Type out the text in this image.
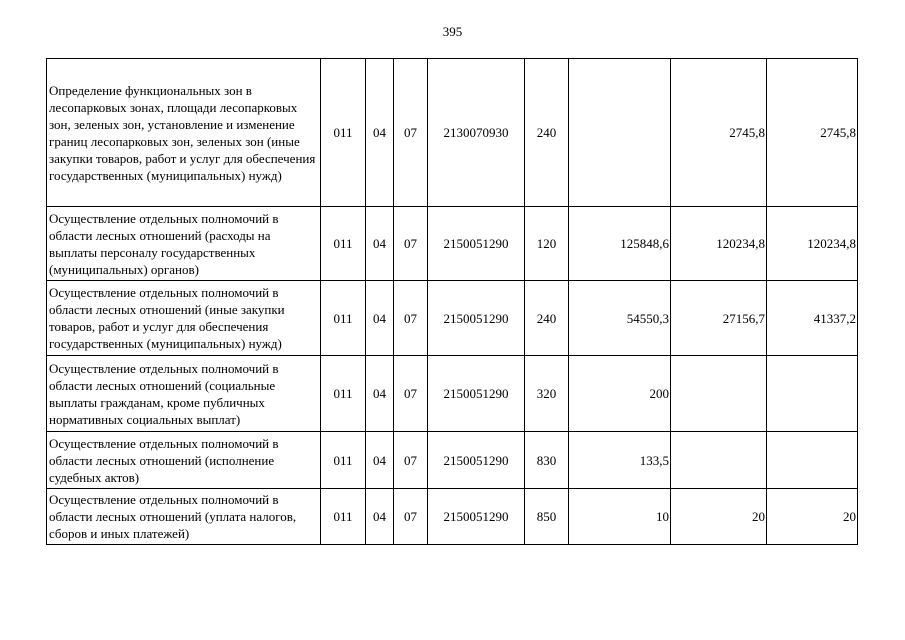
395
Определение функциональных зон в лесопарковых зонах, площади лесопарковых зон, зеленых зон, установление и изменение границ лесопарковых зон, зеленых зон (иные закупки товаров, работ и услуг для обеспечения государственных (муниципальных) нужд)	011	04	07	2130070930	240		2745,8	2745,8
Осуществление отдельных полномочий в области лесных отношений (расходы на выплаты персоналу государственных (муниципальных) органов)	011	04	07	2150051290	120	125848,6	120234,8	120234,8
Осуществление отдельных полномочий в области лесных отношений (иные закупки товаров, работ и услуг для обеспечения государственных (муниципальных) нужд)	011	04	07	2150051290	240	54550,3	27156,7	41337,2
Осуществление отдельных полномочий в области лесных отношений (социальные выплаты гражданам, кроме публичных нормативных социальных выплат)	011	04	07	2150051290	320	200		
Осуществление отдельных полномочий в области лесных отношений (исполнение судебных актов)	011	04	07	2150051290	830	133,5		
Осуществление отдельных полномочий в области лесных отношений (уплата налогов, сборов и иных платежей)	011	04	07	2150051290	850	10	20	20
